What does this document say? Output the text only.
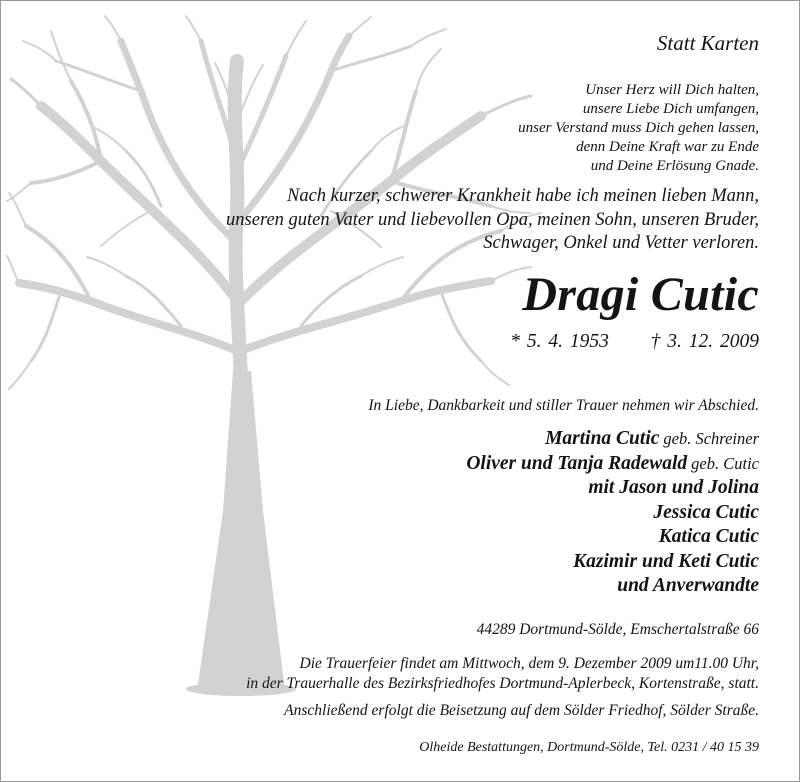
Statt Karten
Unser Herz will Dich halten,
unsere Liebe Dich umfangen,
unser Verstand muss Dich gehen lassen,
denn Deine Kraft war zu Ende
und Deine Erlösung Gnade.
Nach kurzer, schwerer Krankheit habe ich meinen lieben Mann,
unseren guten Vater und liebevollen Opa, meinen Sohn, unseren Bruder,
Schwager, Onkel und Vetter verloren.
Dragi Cutic
* 5. 4. 1953 † 3. 12. 2009
In Liebe, Dankbarkeit und stiller Trauer nehmen wir Abschied.
Martina Cutic geb. Schreiner
Oliver und Tanja Radewald geb. Cutic
mit Jason und Jolina
Jessica Cutic
Katica Cutic
Kazimir und Keti Cutic
und Anverwandte
44289 Dortmund-Sölde, Emschertalstraße 66
Die Trauerfeier findet am Mittwoch, dem 9. Dezember 2009 um11.00 Uhr,
in der Trauerhalle des Bezirksfriedhofes Dortmund-Aplerbeck, Kortenstraße, statt.
Anschließend erfolgt die Beisetzung auf dem Sölder Friedhof, Sölder Straße.
Olheide Bestattungen, Dortmund-Sölde, Tel. 0231 / 40 15 39
